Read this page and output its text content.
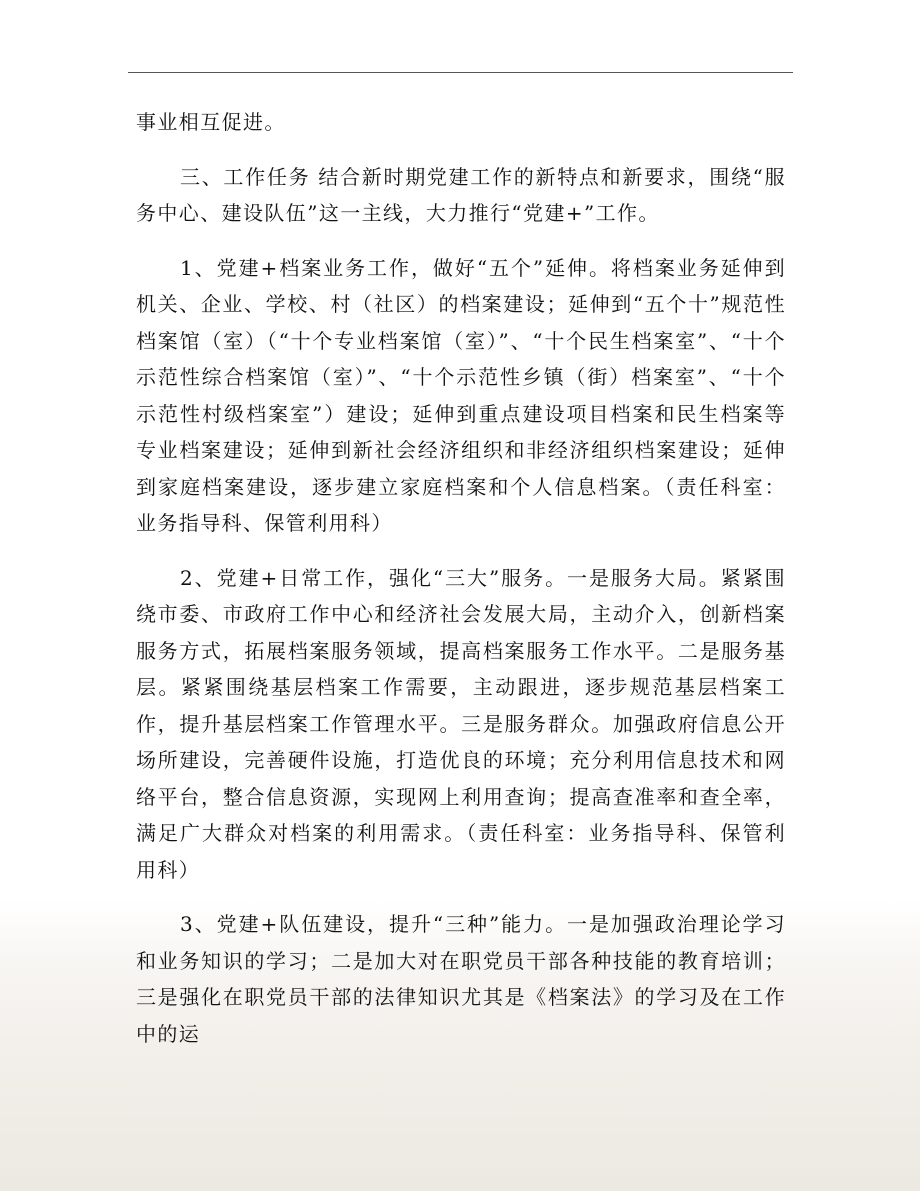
事业相互促进。

三、工作任务 结合新时期党建工作的新特点和新要求，围绕“服务中心、建设队伍”这一主线，大力推行“党建+”工作。

1、党建+档案业务工作，做好“五个”延伸。将档案业务延伸到机关、企业、学校、村（社区）的档案建设；延伸到“五个十”规范性档案馆（室）（“十个专业档案馆（室）”、“十个民生档案室”、“十个示范性综合档案馆（室）”、“十个示范性乡镇（街）档案室”、“十个示范性村级档案室”）建设；延伸到重点建设项目档案和民生档案等专业档案建设；延伸到新社会经济组织和非经济组织档案建设；延伸到家庭档案建设，逐步建立家庭档案和个人信息档案。（责任科室：业务指导科、保管利用科）

2、党建+日常工作，强化“三大”服务。一是服务大局。紧紧围绕市委、市政府工作中心和经济社会发展大局，主动介入，创新档案服务方式，拓展档案服务领域，提高档案服务工作水平。二是服务基层。紧紧围绕基层档案工作需要，主动跟进，逐步规范基层档案工作，提升基层档案工作管理水平。三是服务群众。加强政府信息公开场所建设，完善硬件设施，打造优良的环境；充分利用信息技术和网络平台，整合信息资源，实现网上利用查询；提高查准率和查全率，满足广大群众对档案的利用需求。（责任科室：业务指导科、保管利用科）

3、党建+队伍建设，提升“三种”能力。一是加强政治理论学习和业务知识的学习；二是加大对在职党员干部各种技能的教育培训；三是强化在职党员干部的法律知识尤其是《档案法》的学习及在工作中的运
